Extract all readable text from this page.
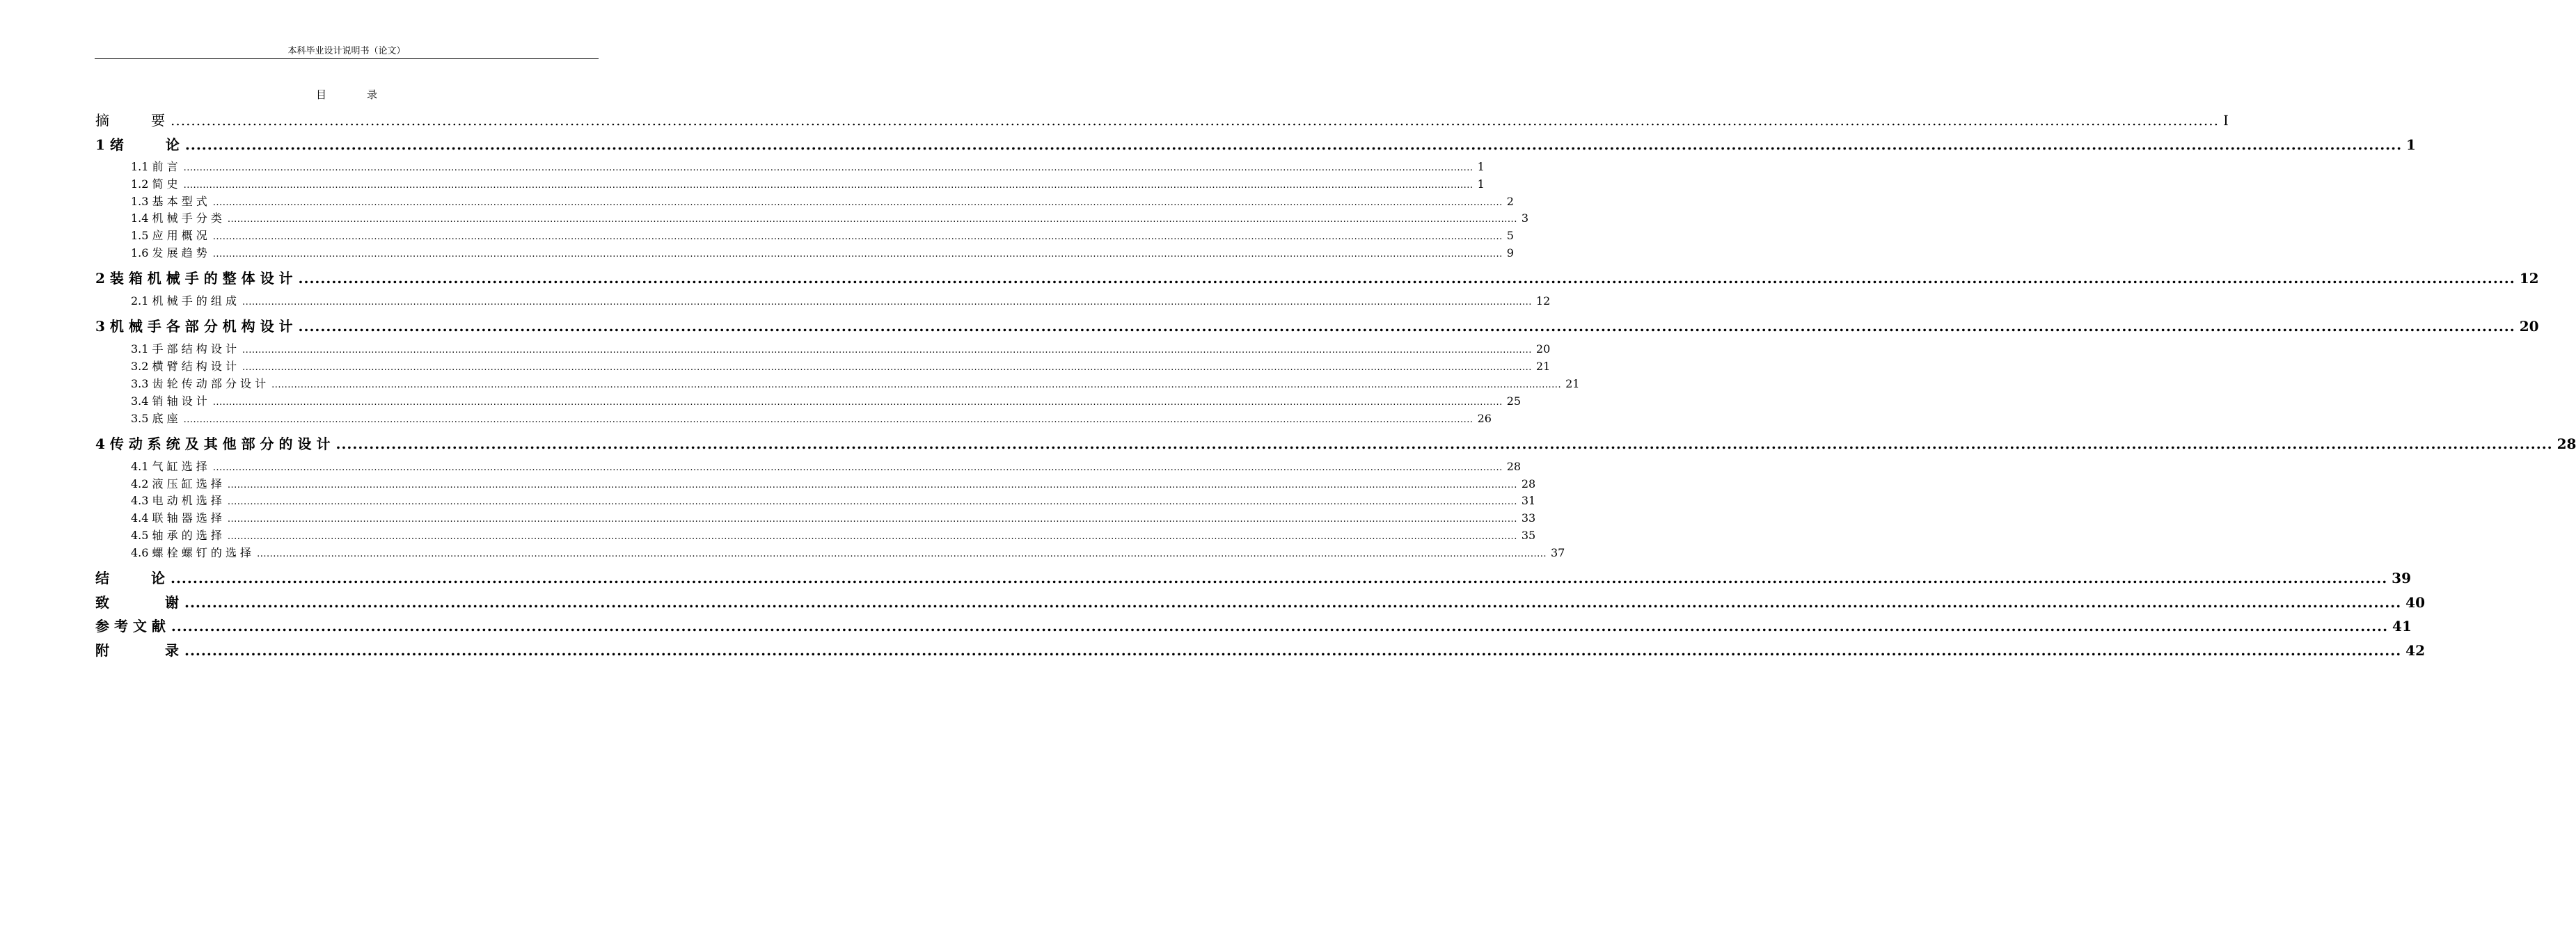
本科毕业设计说明书（论文）
目	录
摘　　　要 ................................................................................................................................................................................................................................................................................................................................................................................................................ I
1 绪　　　论 ................................................................................................................................................................................................................................................................................................................................................................................................................ 1
1.1 前 言 ................................................................................................................................................................................................................................................................................................................................................................................................................ 1
1.2 简 史 ................................................................................................................................................................................................................................................................................................................................................................................................................ 1
1.3 基 本 型 式 ................................................................................................................................................................................................................................................................................................................................................................................................................ 2
1.4 机 械 手 分 类 ................................................................................................................................................................................................................................................................................................................................................................................................................ 3
1.5 应 用 概 况 ................................................................................................................................................................................................................................................................................................................................................................................................................ 5
1.6 发 展 趋 势 ................................................................................................................................................................................................................................................................................................................................................................................................................ 9
2 装 箱 机 械 手 的 整 体 设 计 ................................................................................................................................................................................................................................................................................................................................................................................................................ 12
2.1 机 械 手 的 组 成 ................................................................................................................................................................................................................................................................................................................................................................................................................ 12
3 机 械 手 各 部 分 机 构 设 计 ................................................................................................................................................................................................................................................................................................................................................................................................................ 20
3.1 手 部 结 构 设 计 ................................................................................................................................................................................................................................................................................................................................................................................................................ 20
3.2 横 臂 结 构 设 计 ................................................................................................................................................................................................................................................................................................................................................................................................................ 21
3.3 齿 轮 传 动 部 分 设 计 ................................................................................................................................................................................................................................................................................................................................................................................................................ 21
3.4 销 轴 设 计 ................................................................................................................................................................................................................................................................................................................................................................................................................ 25
3.5 底 座 ................................................................................................................................................................................................................................................................................................................................................................................................................ 26
4 传 动 系 统 及 其 他 部 分 的 设 计 ................................................................................................................................................................................................................................................................................................................................................................................................................ 28
4.1 气 缸 选 择 ................................................................................................................................................................................................................................................................................................................................................................................................................ 28
4.2 液 压 缸 选 择 ................................................................................................................................................................................................................................................................................................................................................................................................................ 28
4.3 电 动 机 选 择 ................................................................................................................................................................................................................................................................................................................................................................................................................ 31
4.4 联 轴 器 选 择 ................................................................................................................................................................................................................................................................................................................................................................................................................ 33
4.5 轴 承 的 选 择 ................................................................................................................................................................................................................................................................................................................................................................................................................ 35
4.6 螺 栓 螺 钉 的 选 择 ................................................................................................................................................................................................................................................................................................................................................................................................................ 37
结　　　论 ................................................................................................................................................................................................................................................................................................................................................................................................................ 39
致　　　　谢 ................................................................................................................................................................................................................................................................................................................................................................................................................ 40
参 考 文 献 ................................................................................................................................................................................................................................................................................................................................................................................................................ 41
附　　　　录 ................................................................................................................................................................................................................................................................................................................................................................................................................ 42
